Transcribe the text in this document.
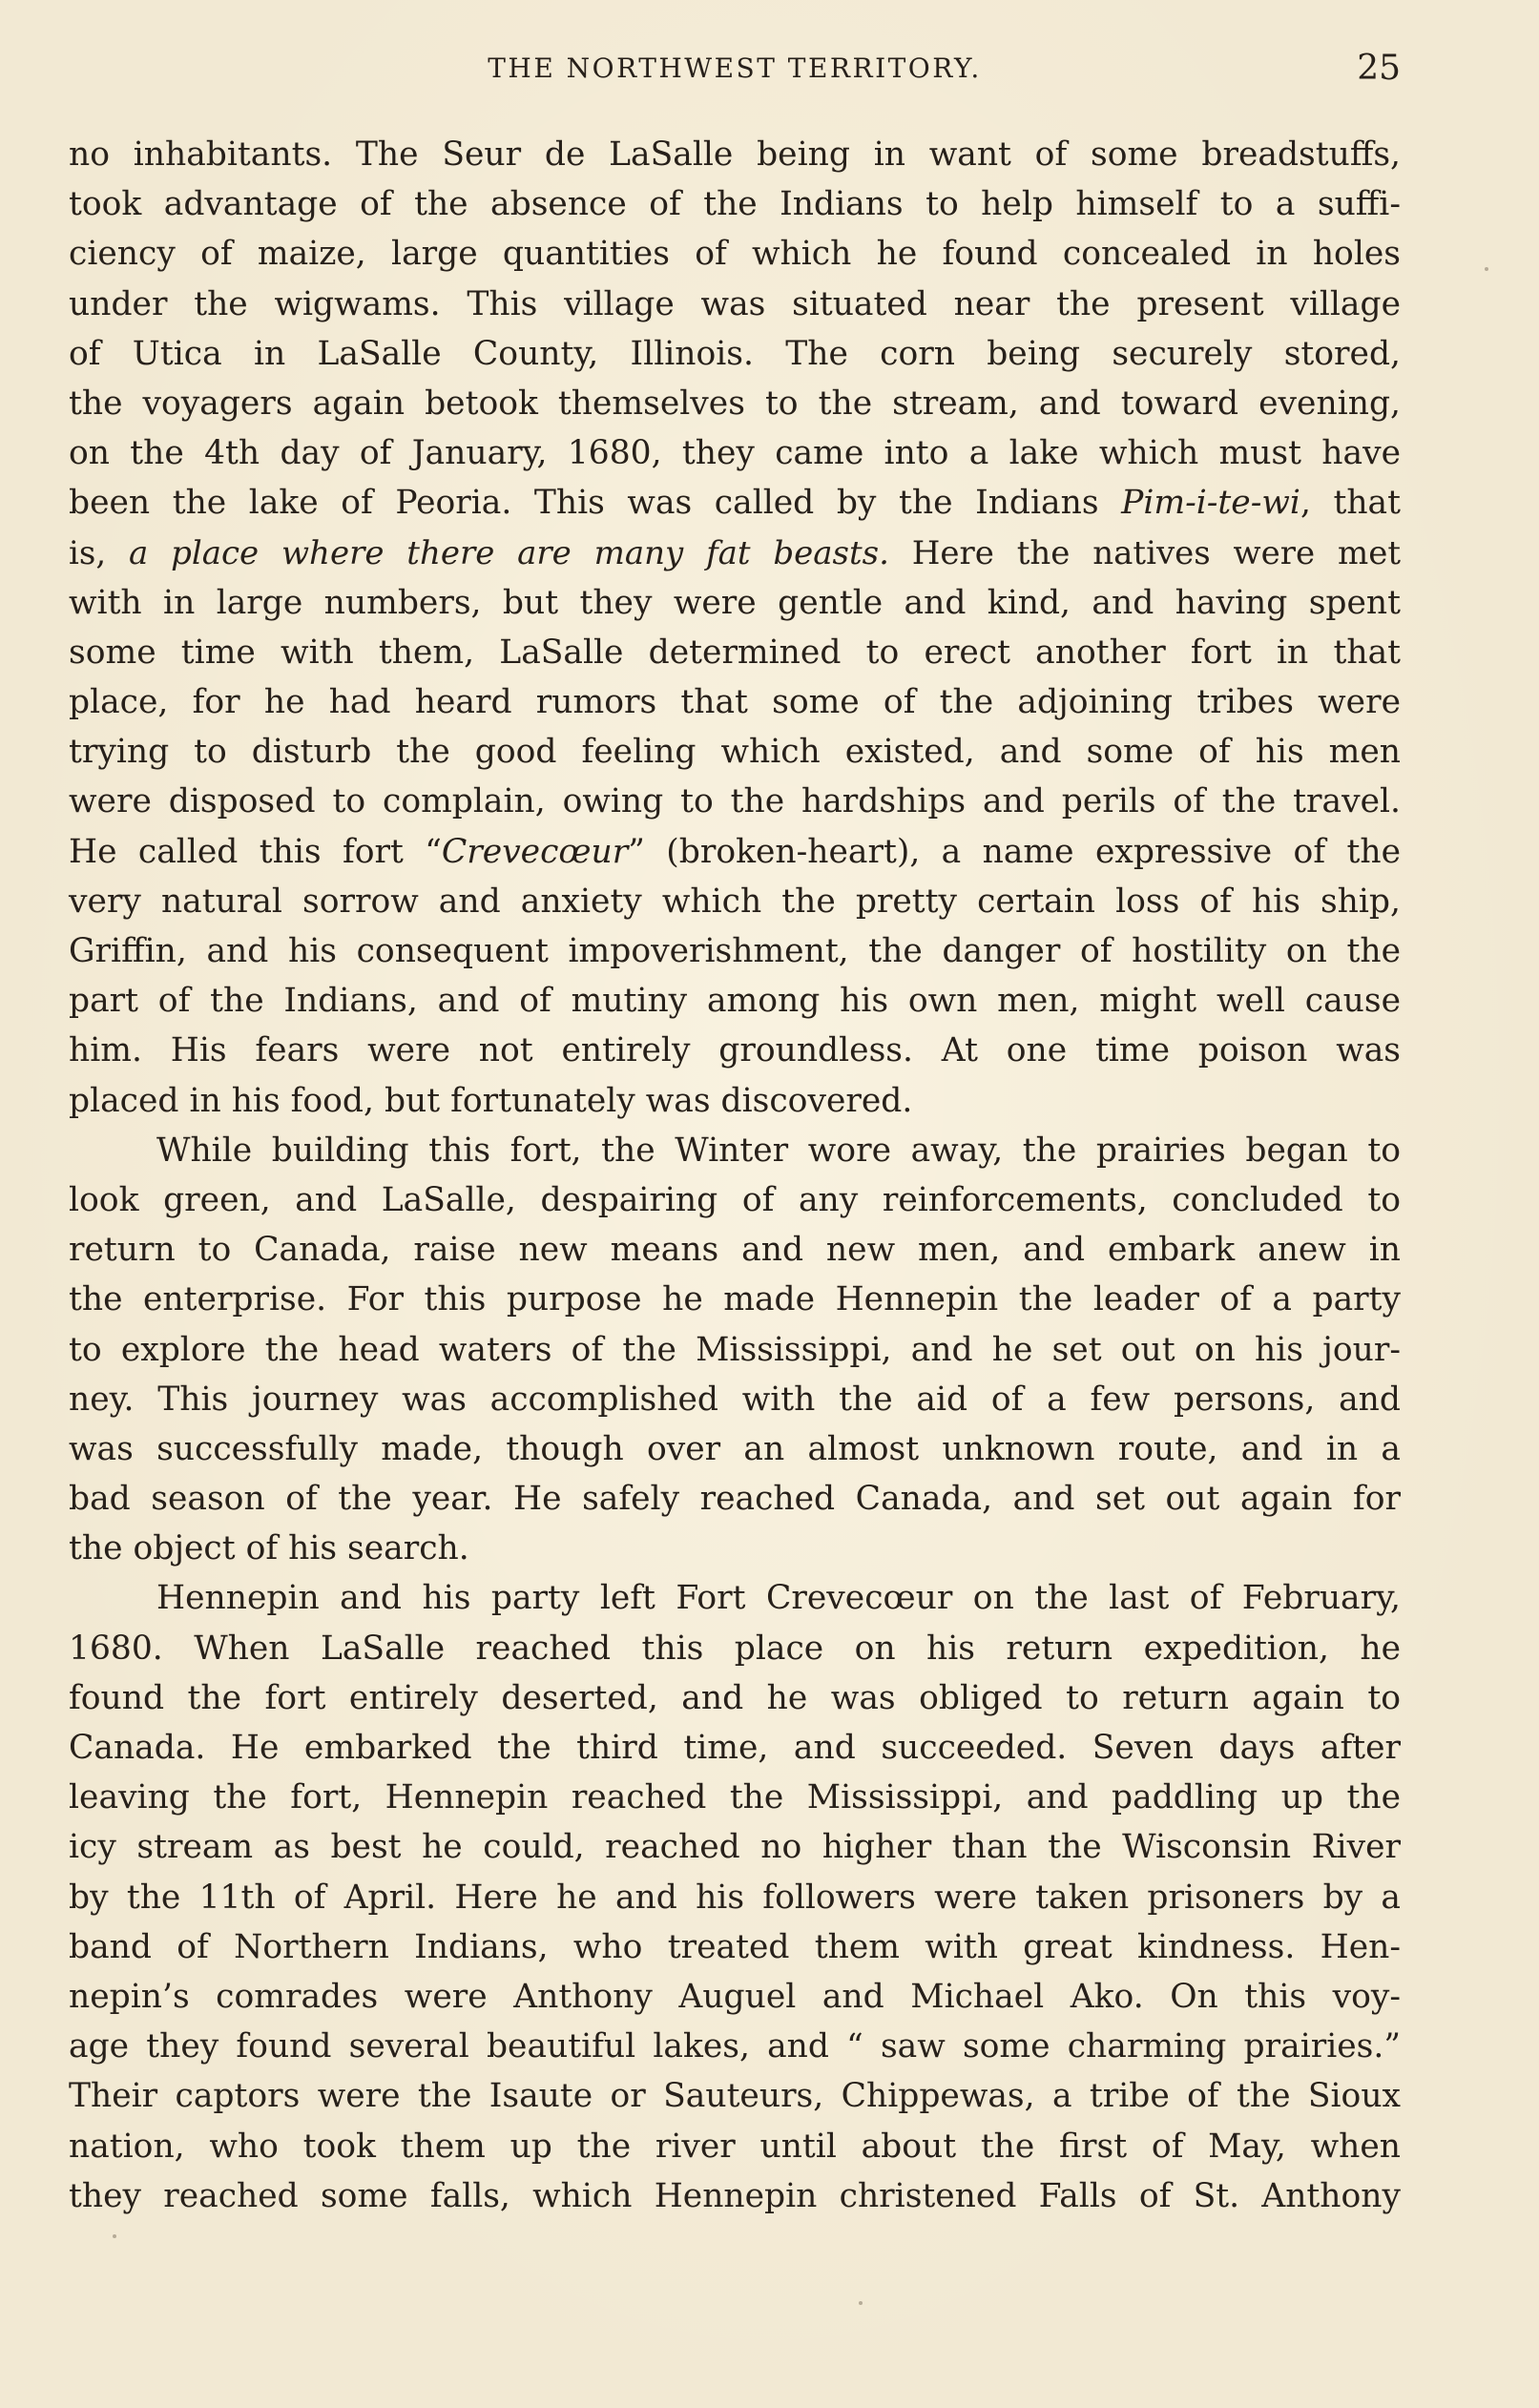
THE NORTHWEST TERRITORY.	25
no inhabitants. The Seur de LaSalle being in want of some breadstuffs,
took advantage of the absence of the Indians to help himself to a suffi-
ciency of maize, large quantities of which he found concealed in holes
under the wigwams. This village was situated near the present village
of Utica in LaSalle County, Illinois. The corn being securely stored,
the voyagers again betook themselves to the stream, and toward evening,
on the 4th day of January, 1680, they came into a lake which must have
been the lake of Peoria. This was called by the Indians Pim-i-te-wi, that
is, a place where there are many fat beasts. Here the natives were met
with in large numbers, but they were gentle and kind, and having spent
some time with them, LaSalle determined to erect another fort in that
place, for he had heard rumors that some of the adjoining tribes were
trying to disturb the good feeling which existed, and some of his men
were disposed to complain, owing to the hardships and perils of the travel.
He called this fort “Crevecœur” (broken-heart), a name expressive of the
very natural sorrow and anxiety which the pretty certain loss of his ship,
Griffin, and his consequent impoverishment, the danger of hostility on the
part of the Indians, and of mutiny among his own men, might well cause
him. His fears were not entirely groundless. At one time poison was
placed in his food, but fortunately was discovered.
While building this fort, the Winter wore away, the prairies began to
look green, and LaSalle, despairing of any reinforcements, concluded to
return to Canada, raise new means and new men, and embark anew in
the enterprise. For this purpose he made Hennepin the leader of a party
to explore the head waters of the Mississippi, and he set out on his jour-
ney. This journey was accomplished with the aid of a few persons, and
was successfully made, though over an almost unknown route, and in a
bad season of the year. He safely reached Canada, and set out again for
the object of his search.
Hennepin and his party left Fort Crevecœur on the last of February,
1680. When LaSalle reached this place on his return expedition, he
found the fort entirely deserted, and he was obliged to return again to
Canada. He embarked the third time, and succeeded. Seven days after
leaving the fort, Hennepin reached the Mississippi, and paddling up the
icy stream as best he could, reached no higher than the Wisconsin River
by the 11th of April. Here he and his followers were taken prisoners by a
band of Northern Indians, who treated them with great kindness. Hen-
nepin’s comrades were Anthony Auguel and Michael Ako. On this voy-
age they found several beautiful lakes, and “ saw some charming prairies.”
Their captors were the Isaute or Sauteurs, Chippewas, a tribe of the Sioux
nation, who took them up the river until about the first of May, when
they reached some falls, which Hennepin christened Falls of St. Anthony
